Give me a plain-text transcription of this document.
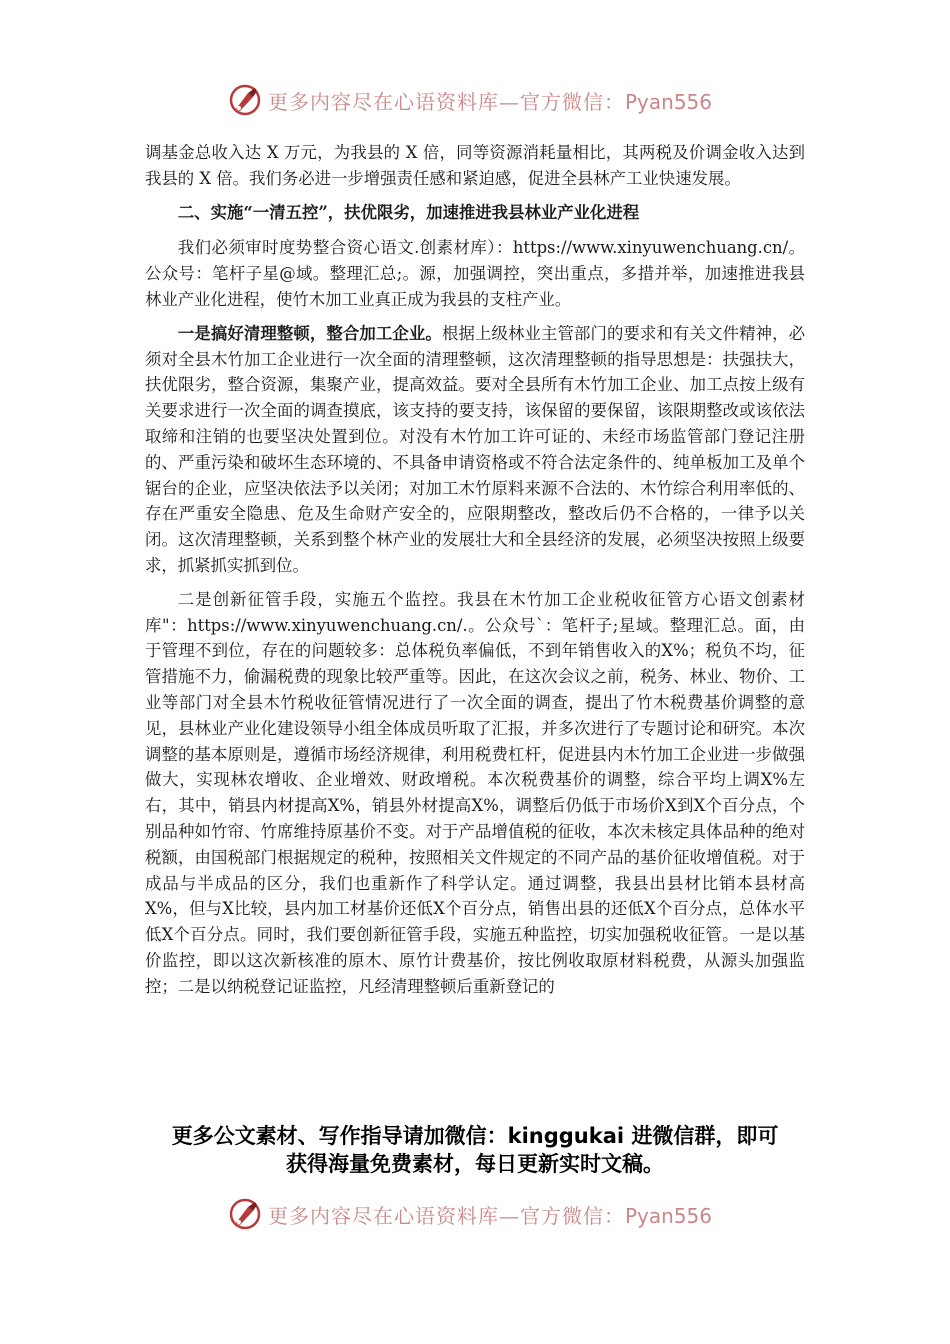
更多内容尽在心语资料库—官方微信：Pyan556

调基金总收入达 X 万元，为我县的 X 倍，同等资源消耗量相比，其两税及价调金收入达到我县的 X 倍。我们务必进一步增强责任感和紧迫感，促进全县林产工业快速发展。

二、实施“一清五控”，扶优限劣，加速推进我县林业产业化进程

我们必须审时度势整合资心语文.创素材库）：https://www.xinyuwenchuang.cn/。公众号：笔杆子星@域。整理汇总;。源，加强调控，突出重点，多措并举，加速推进我县林业产业化进程，使竹木加工业真正成为我县的支柱产业。

一是搞好清理整顿，整合加工企业。根据上级林业主管部门的要求和有关文件精神，必须对全县木竹加工企业进行一次全面的清理整顿，这次清理整顿的指导思想是：扶强扶大，扶优限劣，整合资源，集聚产业，提高效益。要对全县所有木竹加工企业、加工点按上级有关要求进行一次全面的调查摸底，该支持的要支持，该保留的要保留，该限期整改或该依法取缔和注销的也要坚决处置到位。对没有木竹加工许可证的、未经市场监管部门登记注册的、严重污染和破坏生态环境的、不具备申请资格或不符合法定条件的、纯单板加工及单个锯台的企业，应坚决依法予以关闭；对加工木竹原料来源不合法的、木竹综合利用率低的、存在严重安全隐患、危及生命财产安全的，应限期整改，整改后仍不合格的，一律予以关闭。这次清理整顿，关系到整个林产业的发展壮大和全县经济的发展，必须坚决按照上级要求，抓紧抓实抓到位。

二是创新征管手段，实施五个监控。我县在木竹加工企业税收征管方心语文创素材库"：https://www.xinyuwenchuang.cn/.。公众号`：笔杆子;星域。整理汇总。面，由于管理不到位，存在的问题较多：总体税负率偏低，不到年销售收入的X%；税负不均，征管措施不力，偷漏税费的现象比较严重等。因此，在这次会议之前，税务、林业、物价、工业等部门对全县木竹税收征管情况进行了一次全面的调查，提出了竹木税费基价调整的意见，县林业产业化建设领导小组全体成员听取了汇报，并多次进行了专题讨论和研究。本次调整的基本原则是，遵循市场经济规律，利用税费杠杆，促进县内木竹加工企业进一步做强做大，实现林农增收、企业增效、财政增税。本次税费基价的调整，综合平均上调X%左右，其中，销县内材提高X%，销县外材提高X%，调整后仍低于市场价X到X个百分点，个别品种如竹帘、竹席维持原基价不变。对于产品增值税的征收，本次未核定具体品种的绝对税额，由国税部门根据规定的税种，按照相关文件规定的不同产品的基价征收增值税。对于成品与半成品的区分，我们也重新作了科学认定。通过调整，我县出县材比销本县材高X%，但与X比较，县内加工材基价还低X个百分点，销售出县的还低X个百分点，总体水平低X个百分点。同时，我们要创新征管手段，实施五种监控，切实加强税收征管。一是以基价监控，即以这次新核准的原木、原竹计费基价，按比例收取原材料税费，从源头加强监控；二是以纳税登记证监控，凡经清理整顿后重新登记的

更多公文素材、写作指导请加微信：kinggukai 进微信群，即可
获得海量免费素材，每日更新实时文稿。
更多内容尽在心语资料库—官方微信：Pyan556
